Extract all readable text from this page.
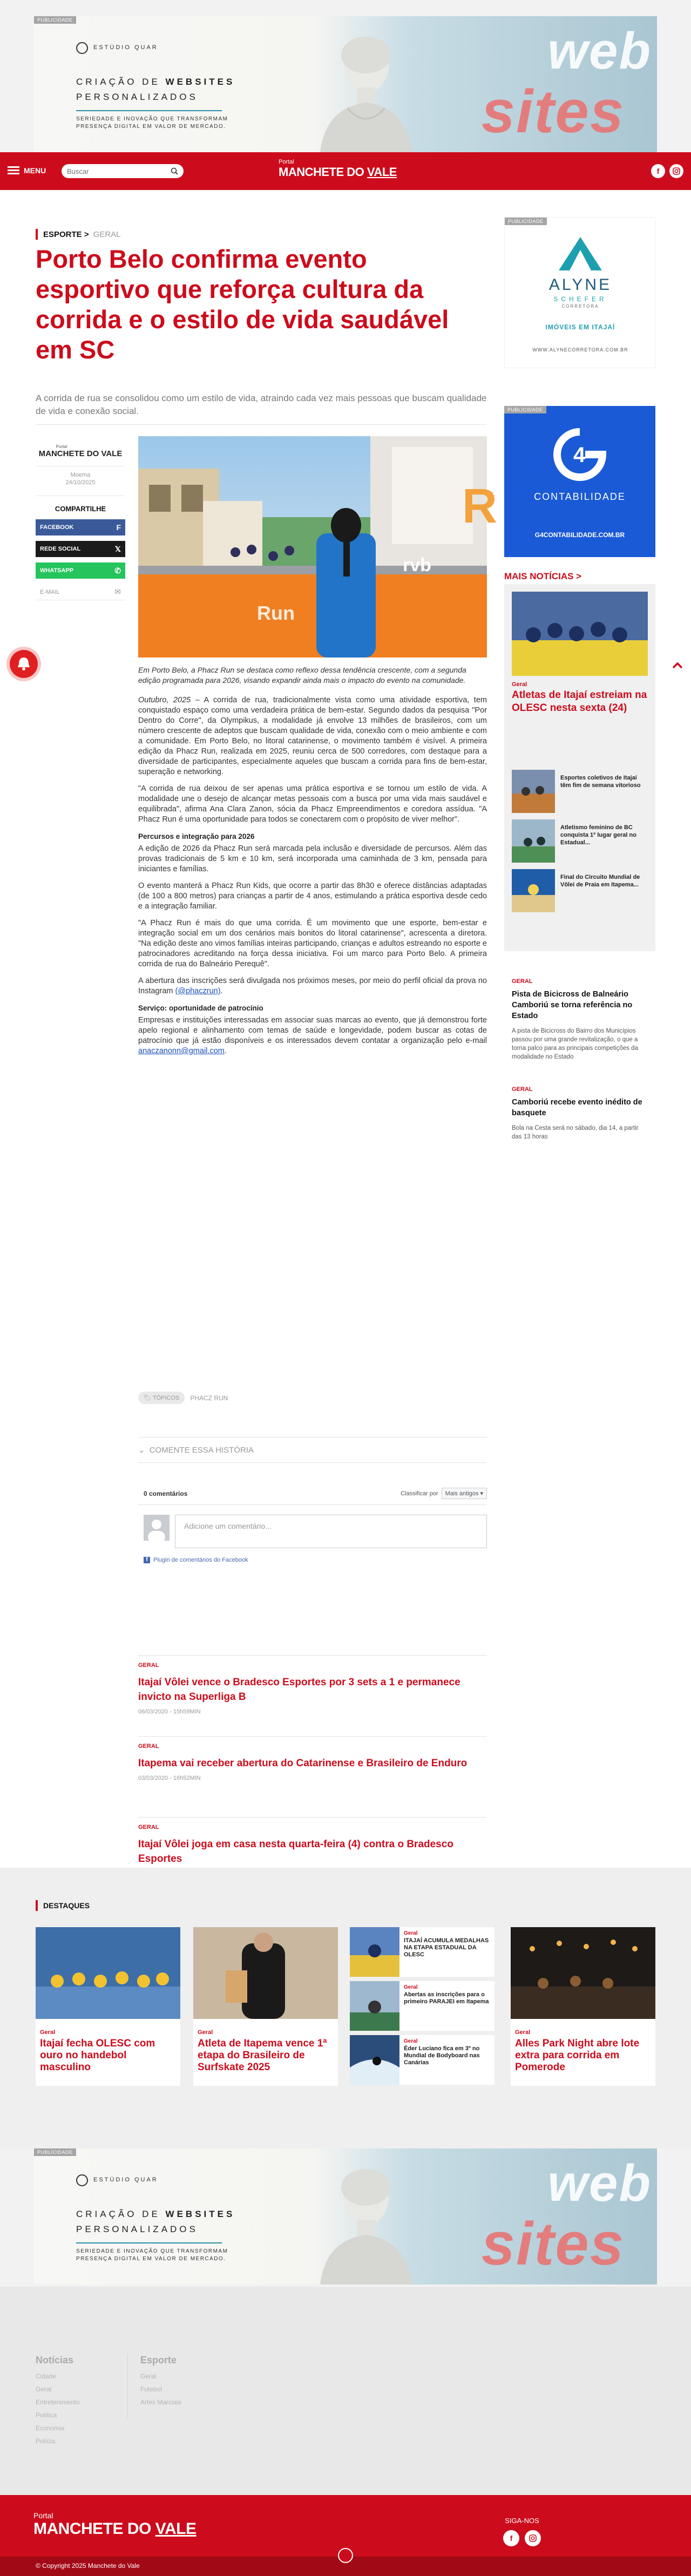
PUBLICIDADE
ESTÚDIO QUAR
CRIAÇÃO DE WEBSITES
PERSONALIZADOS
SERIEDADE E INOVAÇÃO QUE TRANSFORMAM PRESENÇA DIGITAL EM VALOR DE MERCADO.
web
sites
MENU
Buscar
Portal
MANCHETE DO VALE	f
ESPORTE > GERAL
Porto Belo confirma evento esportivo que reforça cultura da corrida e o estilo de vida saudável em SC

A corrida de rua se consolidou como um estilo de vida, atraindo cada vez mais pessoas que buscam qualidade de vida e conexão social.

Portal
MANCHETE DO VALE
Moema
24/10/2025
COMPARTILHE
FACEBOOK	F
REDE SOCIAL	𝕏
WHATSAPP	✆
E-MAIL	✉
R
Run
rvb

Em Porto Belo, a Phacz Run se destaca como reflexo dessa tendência crescente, com a segunda edição programada para 2026, visando expandir ainda mais o impacto do evento na comunidade.

Outubro, 2025 – A corrida de rua, tradicionalmente vista como uma atividade esportiva, tem conquistado espaço como uma verdadeira prática de bem-estar. Segundo dados da pesquisa "Por Dentro do Corre", da Olympikus, a modalidade já envolve 13 milhões de brasileiros, com um número crescente de adeptos que buscam qualidade de vida, conexão com o meio ambiente e com a comunidade. Em Porto Belo, no litoral catarinense, o movimento também é visível. A primeira edição da Phacz Run, realizada em 2025, reuniu cerca de 500 corredores, com destaque para a diversidade de participantes, especialmente aqueles que buscam a corrida para fins de bem-estar, superação e networking.

"A corrida de rua deixou de ser apenas uma prática esportiva e se tornou um estilo de vida. A modalidade une o desejo de alcançar metas pessoais com a busca por uma vida mais saudável e equilibrada", afirma Ana Clara Zanon, sócia da Phacz Empreendimentos e coredora assídua. "A Phacz Run é uma oportunidade para todos se conectarem com o propósito de viver melhor".

Percursos e integração para 2026

A edição de 2026 da Phacz Run será marcada pela inclusão e diversidade de percursos. Além das provas tradicionais de 5 km e 10 km, será incorporada uma caminhada de 3 km, pensada para iniciantes e famílias.

O evento manterá a Phacz Run Kids, que ocorre a partir das 8h30 e oferece distâncias adaptadas (de 100 a 800 metros) para crianças a partir de 4 anos, estimulando a prática esportiva desde cedo e a integração familiar.

"A Phacz Run é mais do que uma corrida. É um movimento que une esporte, bem-estar e integração social em um dos cenários mais bonitos do litoral catarinense", acrescenta a diretora. "Na edição deste ano vimos famílias inteiras participando, crianças e adultos estreando no esporte e patrocinadores acreditando na força dessa iniciativa. Foi um marco para Porto Belo. A primeira corrida de rua do Balneário Perequê".

A abertura das inscrições será divulgada nos próximos meses, por meio do perfil oficial da prova no Instagram (@phaczrun).

Serviço: oportunidade de patrocínio

Empresas e instituições interessadas em associar suas marcas ao evento, que já demonstrou forte apelo regional e alinhamento com temas de saúde e longevidade, podem buscar as cotas de patrocínio que já estão disponíveis e os interessados devem contatar a organização pelo e-mail anaczanonn@gmail.com.

🏷 TÓPICOS	PHACZ RUN
⌄ COMENTE ESSA HISTÓRIA
0 comentários	Classificar por	Mais antigos ▾
Adicione um comentário...
f Plugin de comentários do Facebook
GERAL
Itajaí Vôlei vence o Bradesco Esportes por 3 sets a 1 e permanece invicto na Superliga B
06/03/2020 - 15h59MIN
GERAL
Itapema vai receber abertura do Catarinense e Brasileiro de Enduro
03/03/2020 - 16h52MIN
GERAL
Itajaí Vôlei joga em casa nesta quarta-feira (4) contra o Bradesco Esportes
PUBLICIDADE
ALYNE
SCHEFER
CORRETORA
IMÓVEIS EM ITAJAÍ
WWW.ALYNECORRETORA.COM.BR
PUBLICIDADE
4
CONTABILIDADE
G4CONTABILIDADE.COM.BR
MAIS NOTÍCIAS >
Geral
Atletas de Itajaí estreiam na OLESC nesta sexta (24)
Esportes coletivos de Itajaí têm fim de semana vitorioso
Atletismo feminino de BC conquista 1º lugar geral no Estadual...
Final do Circuito Mundial de Vôlei de Praia em Itapema...
GERAL
Pista de Bicicross de Balneário Camboriú se torna referência no Estado

A pista de Bicicross do Bairro dos Municípios passou por uma grande revitalização, o que a torna palco para as principais competições da modalidade no Estado

GERAL
Camboriú recebe evento inédito de basquete

Bola na Cesta será no sábado, dia 14, a partir das 13 horas

DESTAQUES
Geral
Itajaí fecha OLESC com ouro no handebol masculino
Geral
Atleta de Itapema vence 1ª etapa do Brasileiro de Surfskate 2025
Geral
ITAJAÍ ACUMULA MEDALHAS NA ETAPA ESTADUAL DA OLESC
Geral
Abertas as inscrições para o primeiro PARAJEI em Itapema
Geral
Éder Luciano fica em 3º no Mundial de Bodyboard nas Canárias
Geral
Alles Park Night abre lote extra para corrida em Pomerode
PUBLICIDADE
ESTÚDIO QUAR
CRIAÇÃO DE WEBSITES
PERSONALIZADOS
SERIEDADE E INOVAÇÃO QUE TRANSFORMAM PRESENÇA DIGITAL EM VALOR DE MERCADO.
web
sites
Notícias
Cidade
Geral
Entretenimento
Política
Economia
Polícia
Esporte
Geral
Futebol
Artes Marciais
Portal
MANCHETE DO VALE	SIGA-NOS
f
© Copyright 2025 Manchete do Vale
